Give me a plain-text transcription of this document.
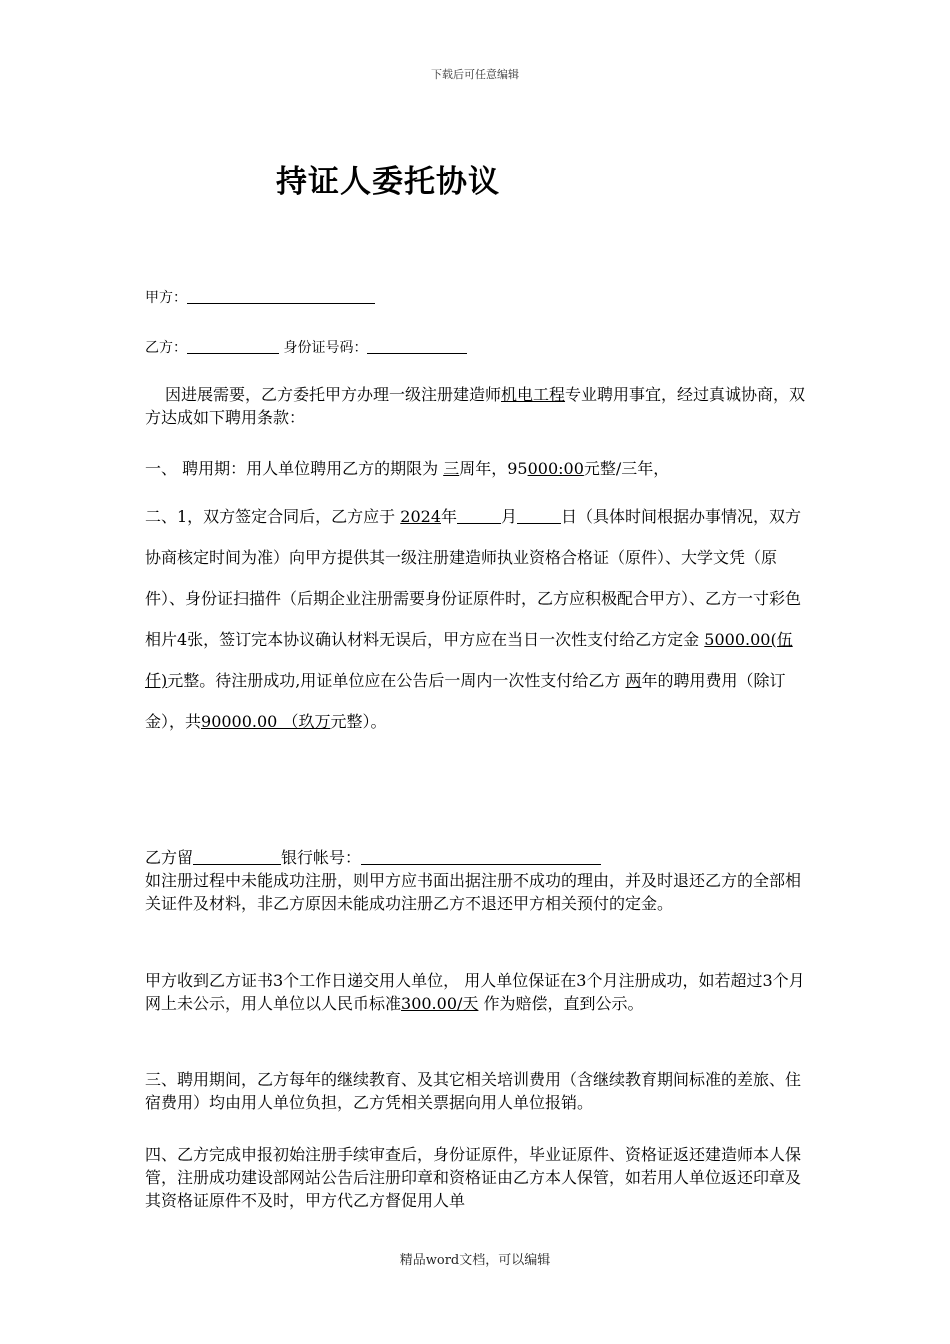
下载后可任意编辑
持证人委托协议
甲方：
乙方：	身份证号码：

因进展需要，乙方委托甲方办理一级注册建造师机电工程专业聘用事宜，经过真诚协商，双方达成如下聘用条款：

一、 聘用期：用人单位聘用乙方的期限为 三周年，95000:00元整/三年，

二、1，双方签定合同后，乙方应于 2024年	月	日（具体时间根据办事情况，双方协商核定时间为准）向甲方提供其一级注册建造师执业资格合格证（原件）、大学文凭（原件）、身份证扫描件（后期企业注册需要身份证原件时，乙方应积极配合甲方）、乙方一寸彩色相片4张，签订完本协议确认材料无误后，甲方应在当日一次性支付给乙方定金 5000.00(伍仟)元整。待注册成功,用证单位应在公告后一周内一次性支付给乙方 两年的聘用费用（除订金），共90000.00 （玖万元整）。

乙方留	银行帐号：

如注册过程中未能成功注册，则甲方应书面出据注册不成功的理由，并及时退还乙方的全部相关证件及材料，非乙方原因未能成功注册乙方不退还甲方相关预付的定金。

甲方收到乙方证书3个工作日递交用人单位， 用人单位保证在3个月注册成功，如若超过3个月网上未公示，用人单位以人民币标准300.00/天 作为赔偿，直到公示。

三、聘用期间，乙方每年的继续教育、及其它相关培训费用（含继续教育期间标准的差旅、住宿费用）均由用人单位负担，乙方凭相关票据向用人单位报销。

四、乙方完成申报初始注册手续审查后，身份证原件，毕业证原件、资格证返还建造师本人保管，注册成功建设部网站公告后注册印章和资格证由乙方本人保管，如若用人单位返还印章及其资格证原件不及时，甲方代乙方督促用人单

精品word文档，可以编辑
